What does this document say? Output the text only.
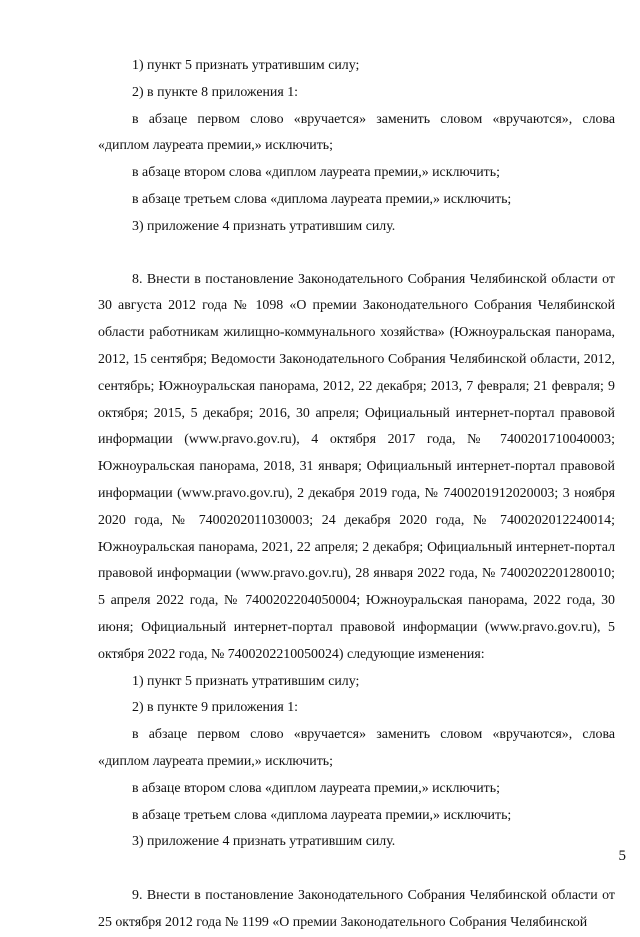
1) пункт 5 признать утратившим силу;

2) в пункте 8 приложения 1:

в абзаце первом слово «вручается» заменить словом «вручаются», слова «диплом лауреата премии,» исключить;

в абзаце втором слова «диплом лауреата премии,» исключить;

в абзаце третьем слова «диплома лауреата премии,» исключить;

3) приложение 4 признать утратившим силу.

8. Внести в постановление Законодательного Собрания Челябинской области от 30 августа 2012 года № 1098 «О премии Законодательного Собрания Челябинской области работникам жилищно-коммунального хозяйства» (Южноуральская панорама, 2012, 15 сентября; Ведомости Законодательного Собрания Челябинской области, 2012, сентябрь; Южноуральская панорама, 2012, 22 декабря; 2013, 7 февраля; 21 февраля; 9 октября; 2015, 5 декабря; 2016, 30 апреля; Официальный интернет-портал правовой информации (www.pravo.gov.ru), 4 октября 2017 года, № 7400201710040003; Южноуральская панорама, 2018, 31 января; Официальный интернет-портал правовой информации (www.pravo.gov.ru), 2 декабря 2019 года, № 7400201912020003; 3 ноября 2020 года, № 7400202011030003; 24 декабря 2020 года, № 7400202012240014; Южноуральская панорама, 2021, 22 апреля; 2 декабря; Официальный интернет-портал правовой информации (www.pravo.gov.ru), 28 января 2022 года, № 7400202201280010; 5 апреля 2022 года, № 7400202204050004; Южноуральская панорама, 2022 года, 30 июня; Официальный интернет-портал правовой информации (www.pravo.gov.ru), 5 октября 2022 года, № 7400202210050024) следующие изменения:

1) пункт 5 признать утратившим силу;

2) в пункте 9 приложения 1:

в абзаце первом слово «вручается» заменить словом «вручаются», слова «диплом лауреата премии,» исключить;

в абзаце втором слова «диплом лауреата премии,» исключить;

в абзаце третьем слова «диплома лауреата премии,» исключить;

3) приложение 4 признать утратившим силу.

9. Внести в постановление Законодательного Собрания Челябинской области от 25 октября 2012 года № 1199 «О премии Законодательного Собрания Челябинской

5
